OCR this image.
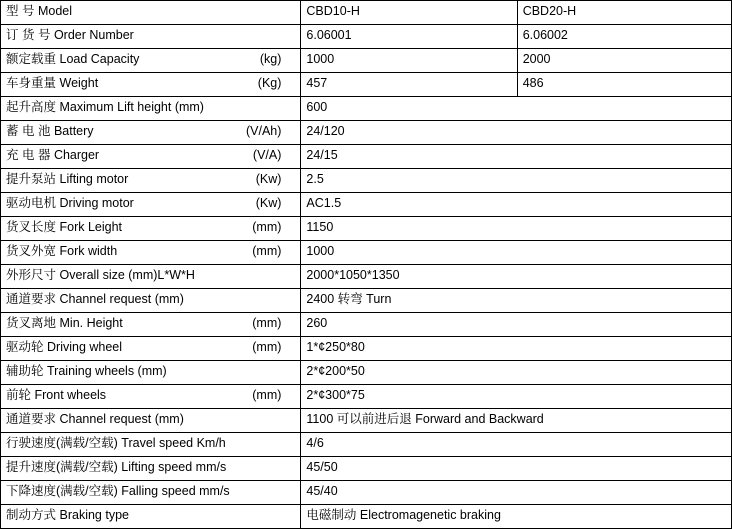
型 号 Model	CBD10-H	CBD20-H
订 货 号 Order Number	6.06001	6.06002
额定载重 Load Capacity (kg)	1000	2000
车身重量 Weight (Kg)	457	486
起升高度 Maximum Lift height (mm)	600	
蓄 电 池 Battery (V/Ah)	24/120	
充 电 器 Charger (V/A)	24/15	
提升泵站 Lifting motor (Kw)	2.5	
驱动电机 Driving motor (Kw)	AC1.5	
货叉长度 Fork Leight (mm)	1150	
货叉外宽 Fork width (mm)	1000	
外形尺寸 Overall size (mm)L*W*H	2000*1050*1350	
通道要求 Channel request (mm)	2400 转弯 Turn	
货叉离地 Min. Height (mm)	260	
驱动轮 Driving wheel (mm)	1*¢250*80	
辅助轮 Training wheels (mm)	2*¢200*50	
前轮 Front wheels (mm)	2*¢300*75	
通道要求 Channel request (mm)	1100 可以前进后退 Forward and Backward	
行驶速度(满载/空载) Travel speed Km/h	4/6	
提升速度(满载/空载) Lifting speed mm/s	45/50	
下降速度(满载/空载) Falling speed mm/s	45/40	
制动方式 Braking type	电磁制动 Electromagenetic braking	
